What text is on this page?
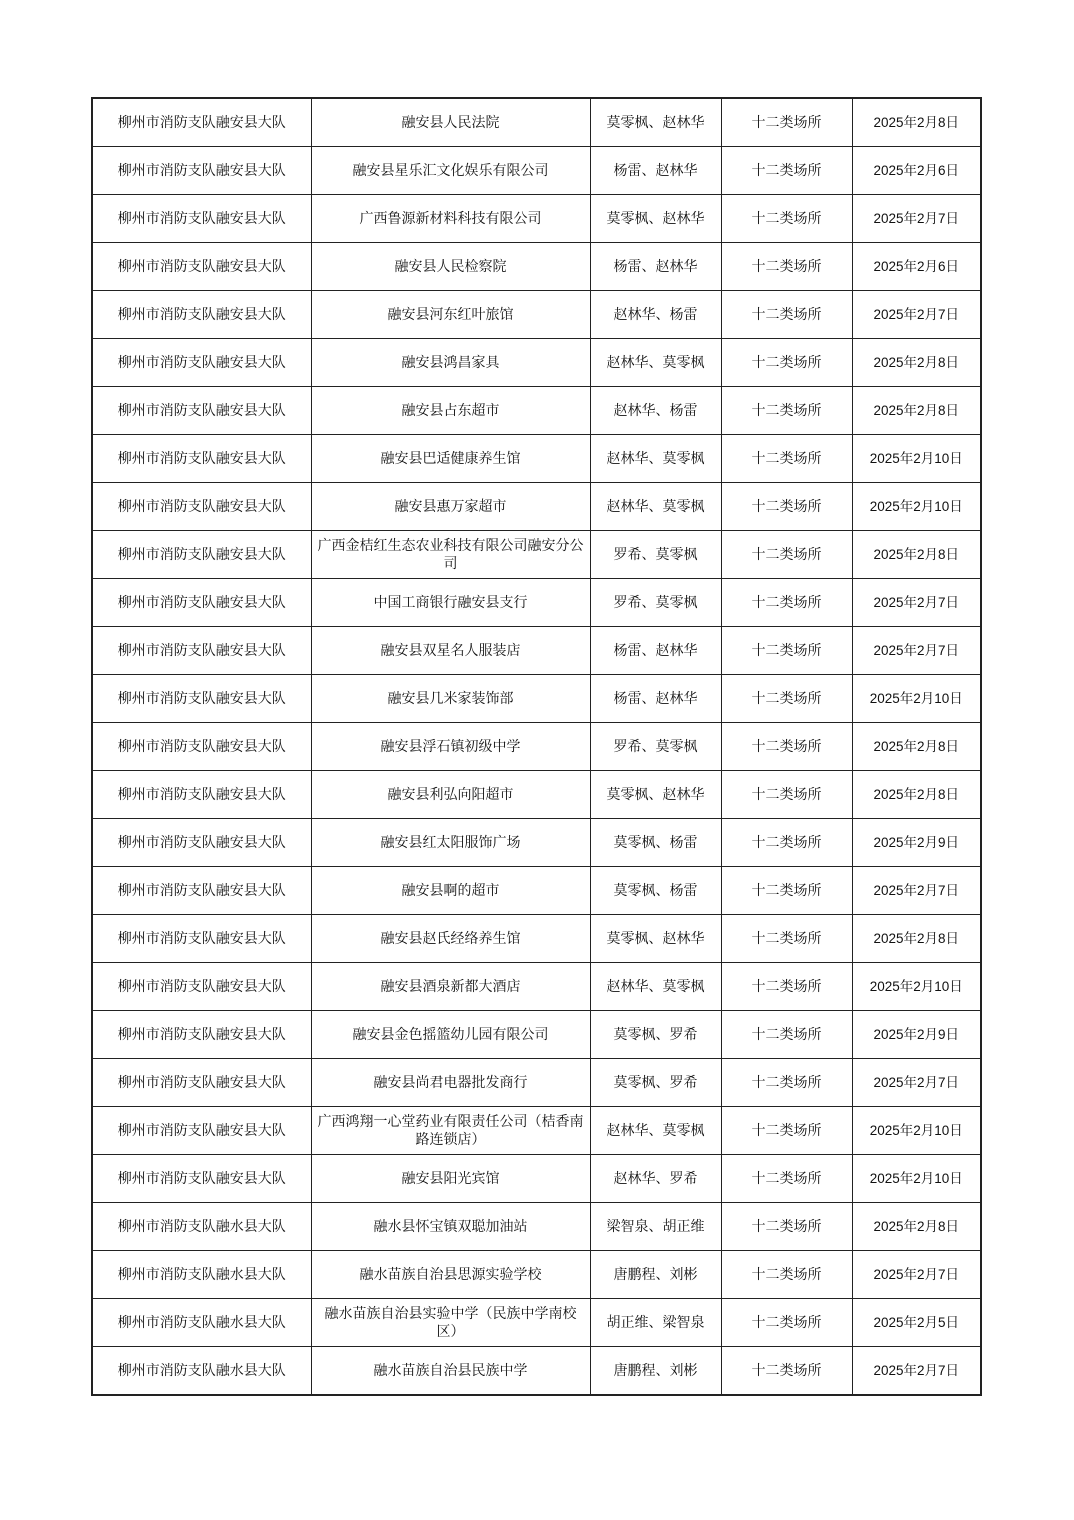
柳州市消防支队融安县大队	融安县人民法院	莫零枫、赵林华	十二类场所	2025年2月8日
柳州市消防支队融安县大队	融安县星乐汇文化娱乐有限公司	杨雷、赵林华	十二类场所	2025年2月6日
柳州市消防支队融安县大队	广西鲁源新材料科技有限公司	莫零枫、赵林华	十二类场所	2025年2月7日
柳州市消防支队融安县大队	融安县人民检察院	杨雷、赵林华	十二类场所	2025年2月6日
柳州市消防支队融安县大队	融安县河东红叶旅馆	赵林华、杨雷	十二类场所	2025年2月7日
柳州市消防支队融安县大队	融安县鸿昌家具	赵林华、莫零枫	十二类场所	2025年2月8日
柳州市消防支队融安县大队	融安县占东超市	赵林华、杨雷	十二类场所	2025年2月8日
柳州市消防支队融安县大队	融安县巴适健康养生馆	赵林华、莫零枫	十二类场所	2025年2月10日
柳州市消防支队融安县大队	融安县惠万家超市	赵林华、莫零枫	十二类场所	2025年2月10日
柳州市消防支队融安县大队	广西金桔红生态农业科技有限公司融安分公司	罗希、莫零枫	十二类场所	2025年2月8日
柳州市消防支队融安县大队	中国工商银行融安县支行	罗希、莫零枫	十二类场所	2025年2月7日
柳州市消防支队融安县大队	融安县双星名人服装店	杨雷、赵林华	十二类场所	2025年2月7日
柳州市消防支队融安县大队	融安县几米家装饰部	杨雷、赵林华	十二类场所	2025年2月10日
柳州市消防支队融安县大队	融安县浮石镇初级中学	罗希、莫零枫	十二类场所	2025年2月8日
柳州市消防支队融安县大队	融安县利弘向阳超市	莫零枫、赵林华	十二类场所	2025年2月8日
柳州市消防支队融安县大队	融安县红太阳服饰广场	莫零枫、杨雷	十二类场所	2025年2月9日
柳州市消防支队融安县大队	融安县啊的超市	莫零枫、杨雷	十二类场所	2025年2月7日
柳州市消防支队融安县大队	融安县赵氏经络养生馆	莫零枫、赵林华	十二类场所	2025年2月8日
柳州市消防支队融安县大队	融安县酒泉新都大酒店	赵林华、莫零枫	十二类场所	2025年2月10日
柳州市消防支队融安县大队	融安县金色摇篮幼儿园有限公司	莫零枫、罗希	十二类场所	2025年2月9日
柳州市消防支队融安县大队	融安县尚君电器批发商行	莫零枫、罗希	十二类场所	2025年2月7日
柳州市消防支队融安县大队	广西鸿翔一心堂药业有限责任公司（桔香南路连锁店）	赵林华、莫零枫	十二类场所	2025年2月10日
柳州市消防支队融安县大队	融安县阳光宾馆	赵林华、罗希	十二类场所	2025年2月10日
柳州市消防支队融水县大队	融水县怀宝镇双聪加油站	梁智泉、胡正维	十二类场所	2025年2月8日
柳州市消防支队融水县大队	融水苗族自治县思源实验学校	唐鹏程、刘彬	十二类场所	2025年2月7日
柳州市消防支队融水县大队	融水苗族自治县实验中学（民族中学南校区）	胡正维、梁智泉	十二类场所	2025年2月5日
柳州市消防支队融水县大队	融水苗族自治县民族中学	唐鹏程、刘彬	十二类场所	2025年2月7日
